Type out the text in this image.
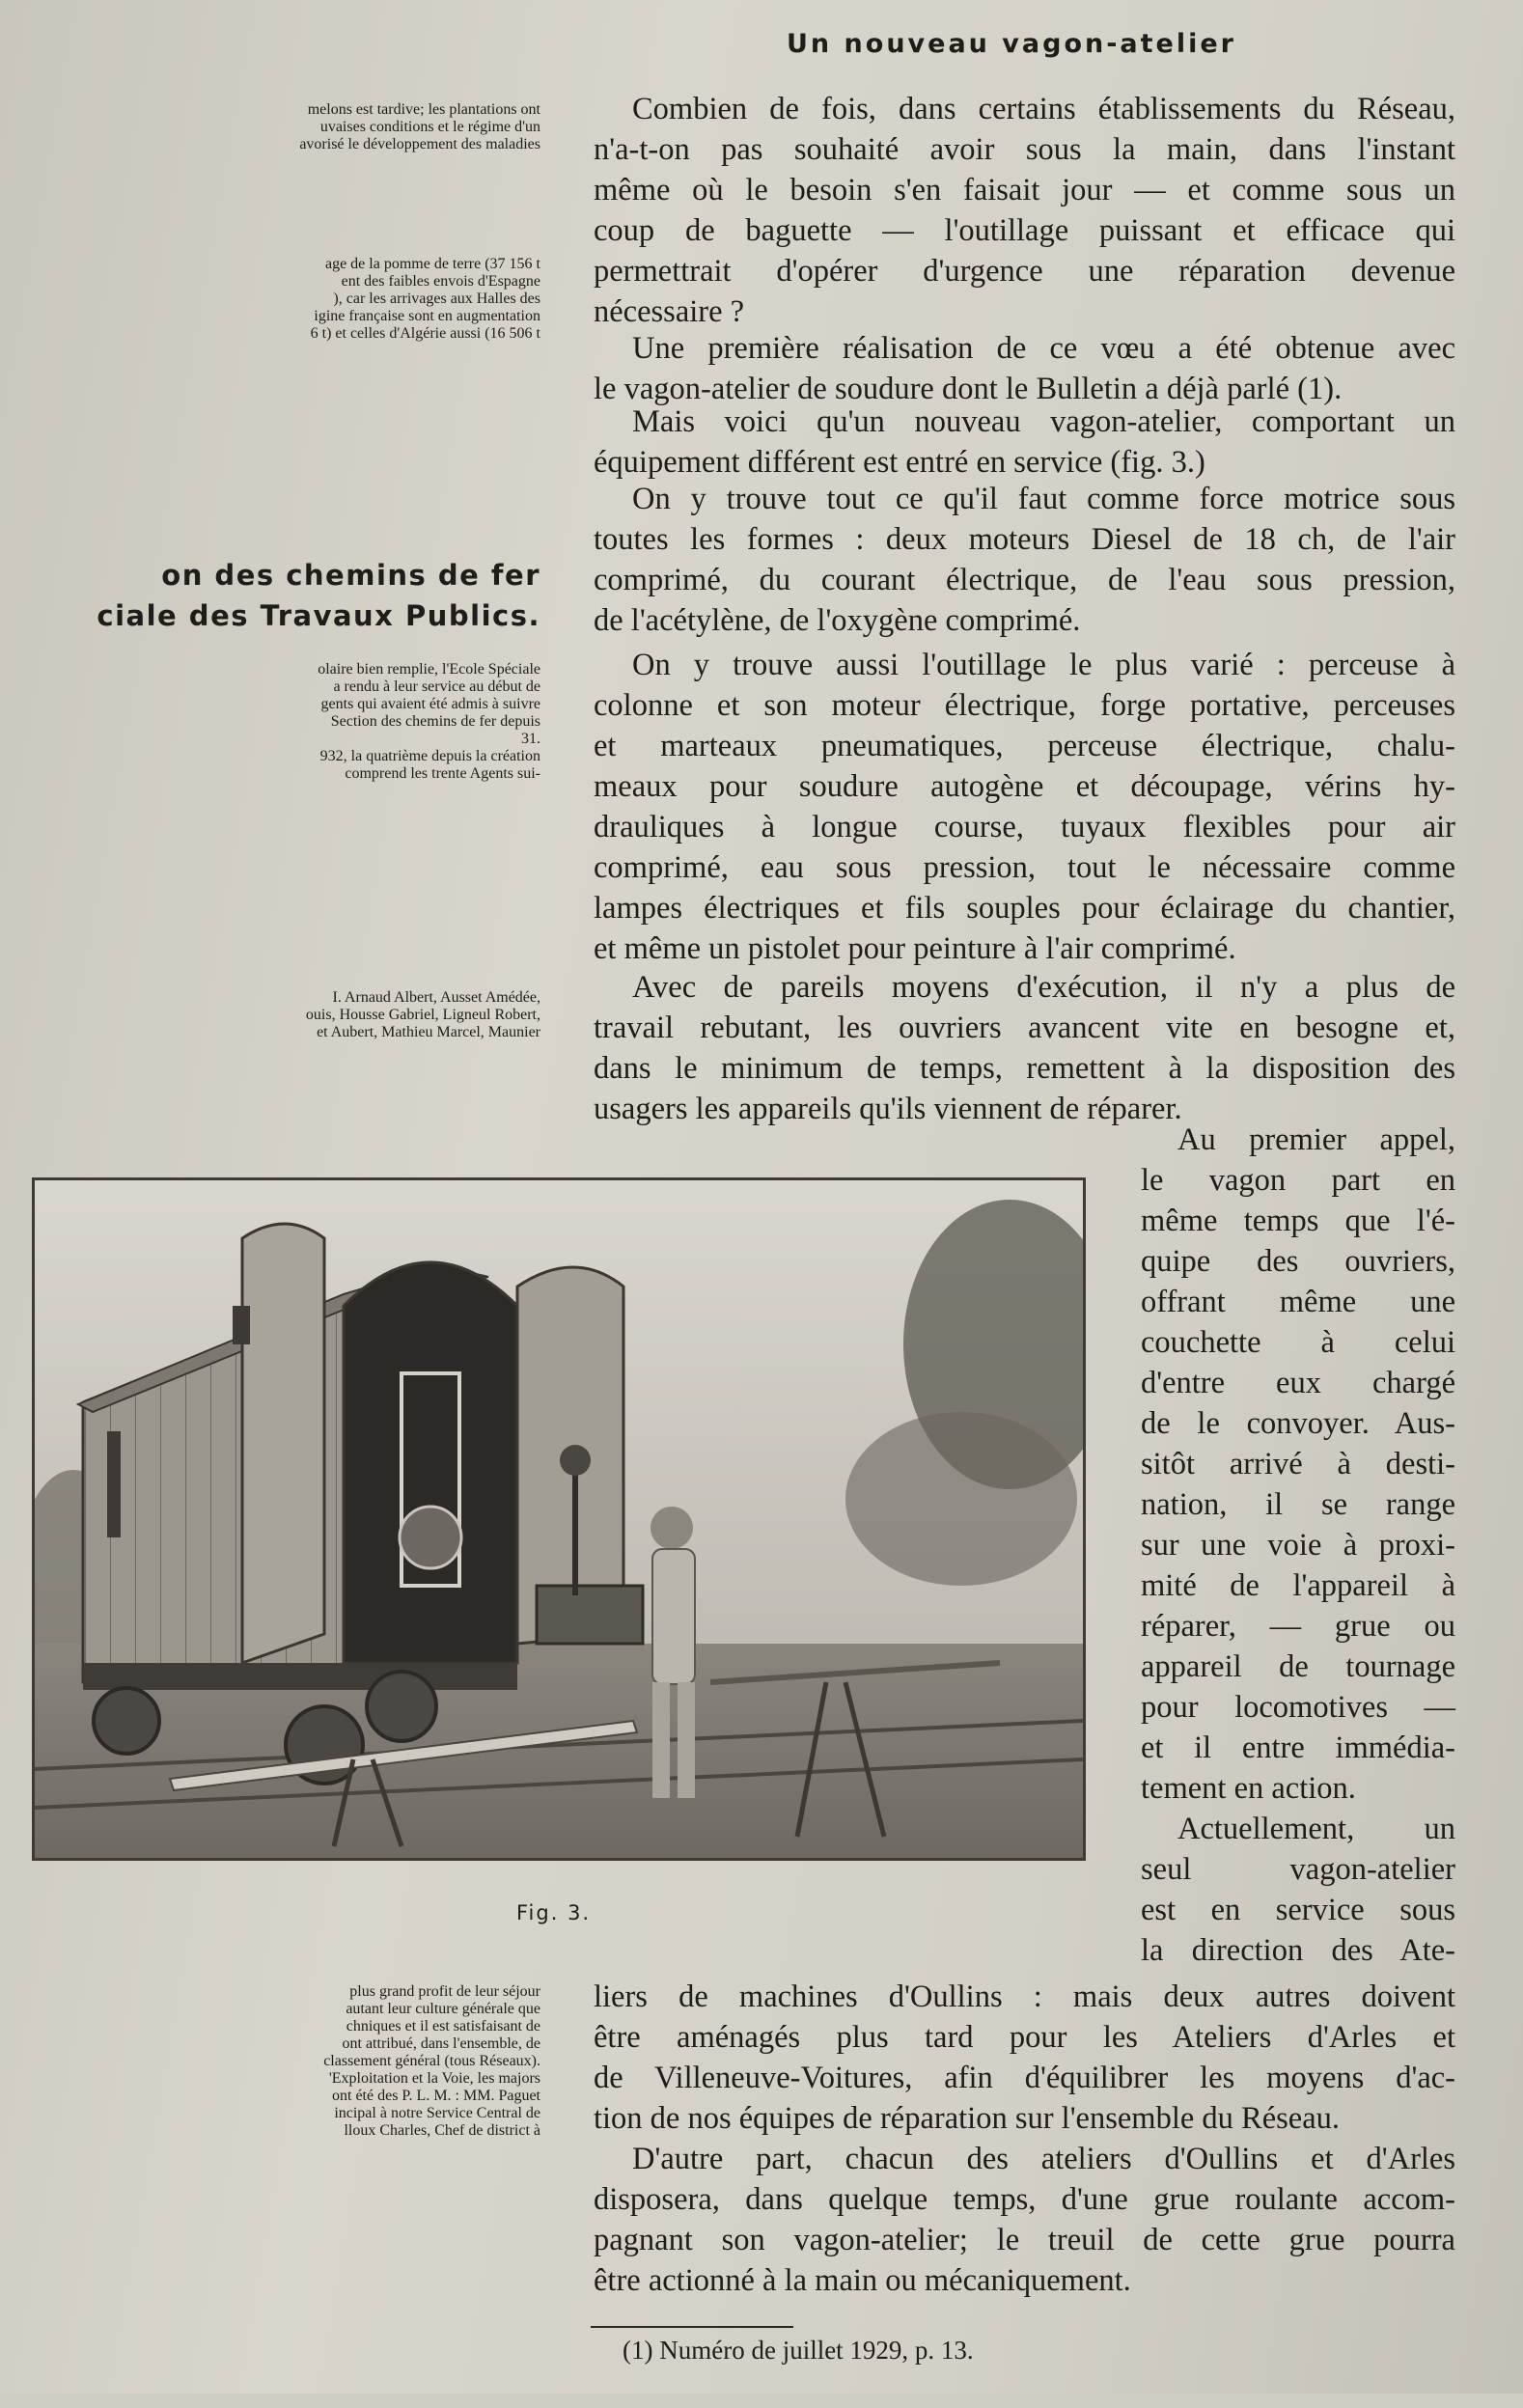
Un nouveau vagon-atelier
melons est tardive; les plantations ont
uvaises conditions et le régime d'un
avorisé le développement des maladies
age de la pomme de terre (37 156 t
ent des faibles envois d'Espagne
), car les arrivages aux Halles des
igine française sont en augmentation
6 t) et celles d'Algérie aussi (16 506 t
on des chemins de fer
ciale des Travaux Publics.
olaire bien remplie, l'Ecole Spéciale
a rendu à leur service au début de
gents qui avaient été admis à suivre
Section des chemins de fer depuis
31.
932, la quatrième depuis la création
comprend les trente Agents sui-
I. Arnaud Albert, Ausset Amédée,
ouis, Housse Gabriel, Ligneul Robert,
et Aubert, Mathieu Marcel, Maunier
plus grand profit de leur séjour
autant leur culture générale que
chniques et il est satisfaisant de
ont attribué, dans l'ensemble, de
classement général (tous Réseaux).
'Exploitation et la Voie, les majors
ont été des P. L. M. : MM. Paguet
incipal à notre Service Central de
lloux Charles, Chef de district à
Combien de fois, dans certains établissements du Réseau,
n'a-t-on pas souhaité avoir sous la main, dans l'instant
même où le besoin s'en faisait jour — et comme sous un
coup de baguette — l'outillage puissant et efficace qui
permettrait d'opérer d'urgence une réparation devenue
nécessaire ?
Une première réalisation de ce vœu a été obtenue avec
le vagon-atelier de soudure dont le Bulletin a déjà parlé (1).
Mais voici qu'un nouveau vagon-atelier, comportant un
équipement différent est entré en service (fig. 3.)
On y trouve tout ce qu'il faut comme force motrice sous
toutes les formes : deux moteurs Diesel de 18 ch, de l'air
comprimé, du courant électrique, de l'eau sous pression,
de l'acétylène, de l'oxygène comprimé.
On y trouve aussi l'outillage le plus varié : perceuse à
colonne et son moteur électrique, forge portative, perceuses
et marteaux pneumatiques, perceuse électrique, chalu-
meaux pour soudure autogène et découpage, vérins hy-
drauliques à longue course, tuyaux flexibles pour air
comprimé, eau sous pression, tout le nécessaire comme
lampes électriques et fils souples pour éclairage du chantier,
et même un pistolet pour peinture à l'air comprimé.
Avec de pareils moyens d'exécution, il n'y a plus de
travail rebutant, les ouvriers avancent vite en besogne et,
dans le minimum de temps, remettent à la disposition des
usagers les appareils qu'ils viennent de réparer.
Au premier appel,
le vagon part en
même temps que l'é-
quipe des ouvriers,
offrant même une
couchette à celui
d'entre eux chargé
de le convoyer. Aus-
sitôt arrivé à desti-
nation, il se range
sur une voie à proxi-
mité de l'appareil à
réparer, — grue ou
appareil de tournage
pour locomotives —
et il entre immédia-
tement en action.
Actuellement, un
seul vagon-atelier
est en service sous
la direction des Ate-
liers de machines d'Oullins : mais deux autres doivent
être aménagés plus tard pour les Ateliers d'Arles et
de Villeneuve-Voitures, afin d'équilibrer les moyens d'ac-
tion de nos équipes de réparation sur l'ensemble du Réseau.
D'autre part, chacun des ateliers d'Oullins et d'Arles
disposera, dans quelque temps, d'une grue roulante accom-
pagnant son vagon-atelier; le treuil de cette grue pourra
être actionné à la main ou mécaniquement.
Fig. 3.
(1) Numéro de juillet 1929, p. 13.
